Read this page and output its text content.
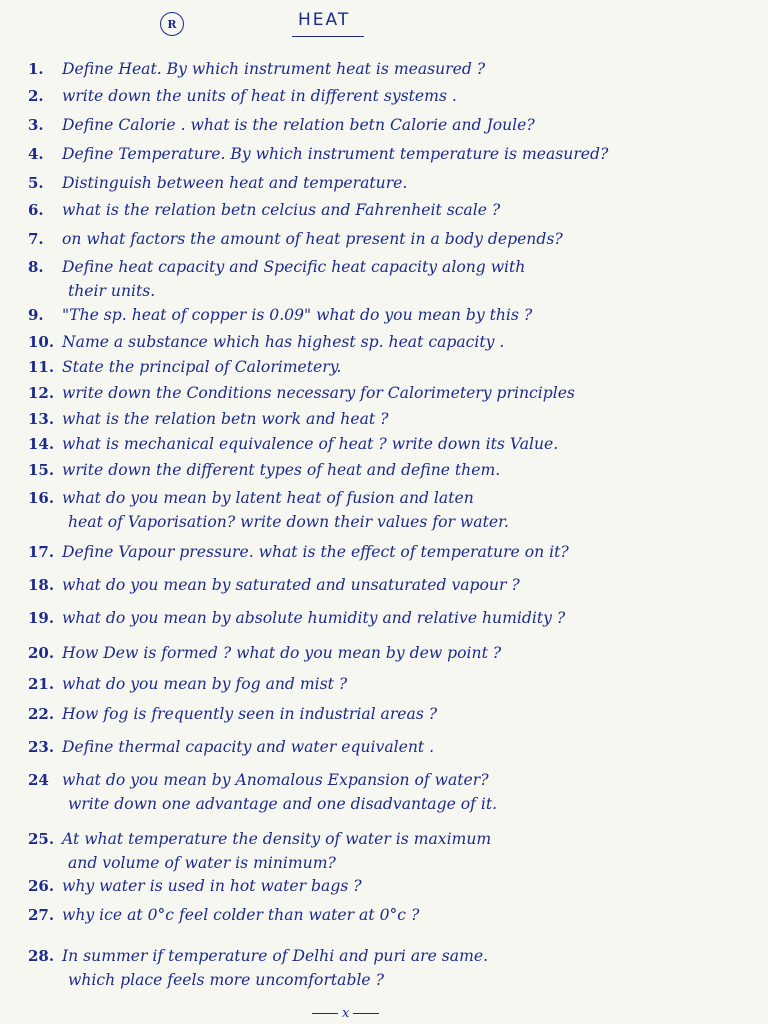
R	HEAT
1. Define Heat. By which instrument heat is measured ?
2. write down the units of heat in different systems .
3. Define Calorie . what is the relation betn Calorie and Joule?
4. Define Temperature. By which instrument temperature is measured?
5. Distinguish between heat and temperature.
6. what is the relation betn celcius and Fahrenheit scale ?
7. on what factors the amount of heat present in a body depends?
8. Define heat capacity and Specific heat capacity along with
their units.
9. "The sp. heat of copper is 0.09" what do you mean by this ?
10. Name a substance which has highest sp. heat capacity .
11. State the principal of Calorimetery.
12. write down the Conditions necessary for Calorimetery principles
13. what is the relation betn work and heat ?
14. what is mechanical equivalence of heat ? write down its Value.
15. write down the different types of heat and define them.
16. what do you mean by latent heat of fusion and laten
heat of Vaporisation? write down their values for water.
17. Define Vapour pressure. what is the effect of temperature on it?
18. what do you mean by saturated and unsaturated vapour ?
19. what do you mean by absolute humidity and relative humidity ?
20. How Dew is formed ? what do you mean by dew point ?
21. what do you mean by fog and mist ?
22. How fog is frequently seen in industrial areas ?
23. Define thermal capacity and water equivalent .
24 what do you mean by Anomalous Expansion of water?
write down one advantage and one disadvantage of it.
25. At what temperature the density of water is maximum
and volume of water is minimum?
26. why water is used in hot water bags ?
27. why ice at 0°c feel colder than water at 0°c ?
28. In summer if temperature of Delhi and puri are same.
which place feels more uncomfortable ?
x
